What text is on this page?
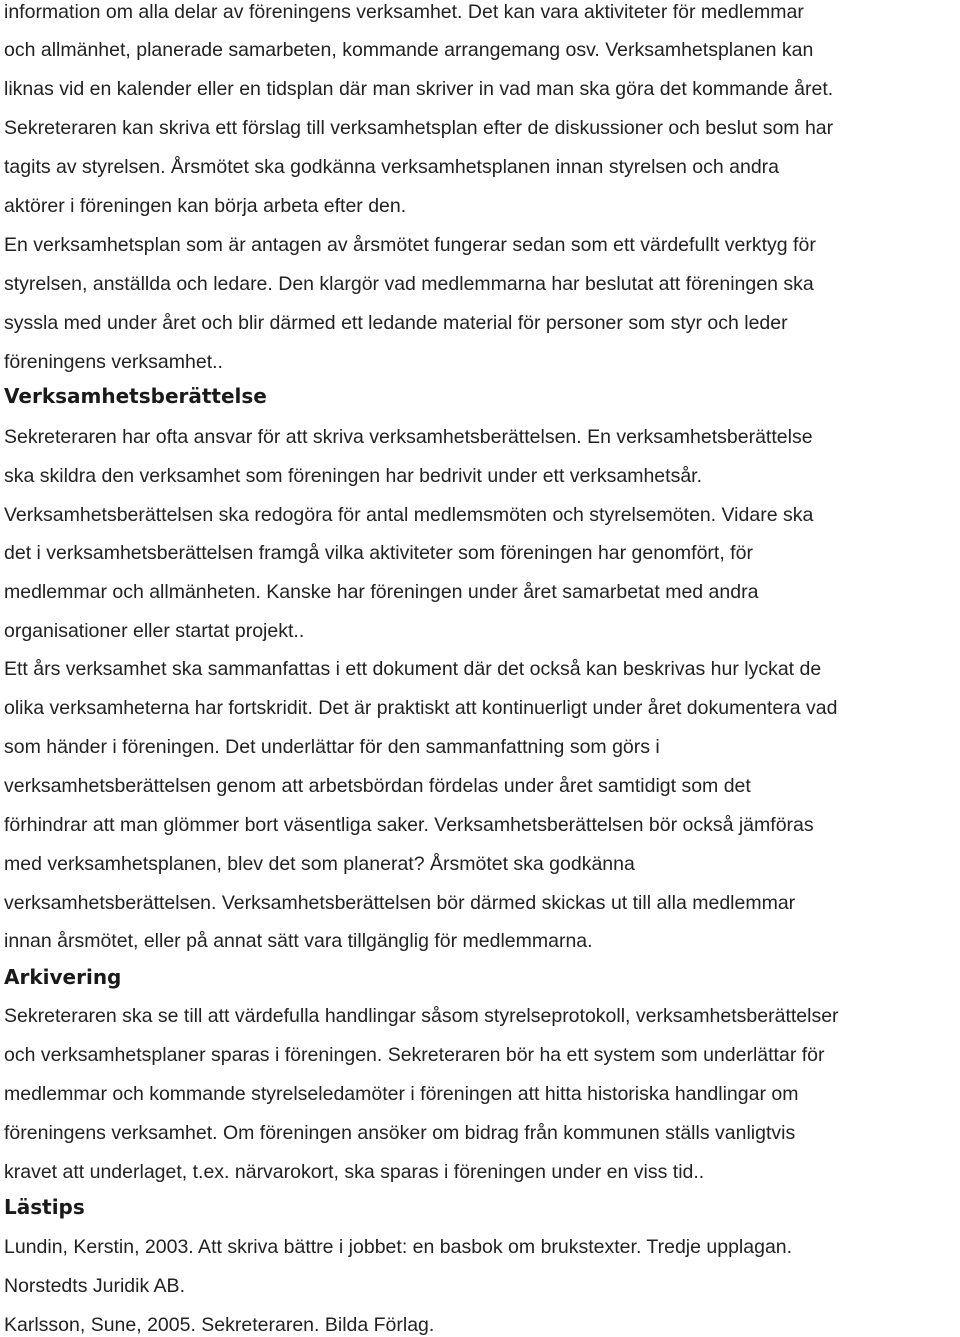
information om alla delar av föreningens verksamhet. Det kan vara aktiviteter för medlemmar
och allmänhet, planerade samarbeten, kommande arrangemang osv. Verksamhetsplanen kan
liknas vid en kalender eller en tidsplan där man skriver in vad man ska göra det kommande året.
Sekreteraren kan skriva ett förslag till verksamhetsplan efter de diskussioner och beslut som har
tagits av styrelsen. Årsmötet ska godkänna verksamhetsplanen innan styrelsen och andra
aktörer i föreningen kan börja arbeta efter den.
En verksamhetsplan som är antagen av årsmötet fungerar sedan som ett värdefullt verktyg för
styrelsen, anställda och ledare. Den klargör vad medlemmarna har beslutat att föreningen ska
syssla med under året och blir därmed ett ledande material för personer som styr och leder
föreningens verksamhet..
Verksamhetsberättelse
Sekreteraren har ofta ansvar för att skriva verksamhetsberättelsen. En verksamhetsberättelse
ska skildra den verksamhet som föreningen har bedrivit under ett verksamhetsår.
Verksamhetsberättelsen ska redogöra för antal medlemsmöten och styrelsemöten. Vidare ska
det i verksamhetsberättelsen framgå vilka aktiviteter som föreningen har genomfört, för
medlemmar och allmänheten. Kanske har föreningen under året samarbetat med andra
organisationer eller startat projekt..
Ett års verksamhet ska sammanfattas i ett dokument där det också kan beskrivas hur lyckat de
olika verksamheterna har fortskridit. Det är praktiskt att kontinuerligt under året dokumentera vad
som händer i föreningen. Det underlättar för den sammanfattning som görs i
verksamhetsberättelsen genom att arbetsbördan fördelas under året samtidigt som det
förhindrar att man glömmer bort väsentliga saker. Verksamhetsberättelsen bör också jämföras
med verksamhetsplanen, blev det som planerat? Årsmötet ska godkänna
verksamhetsberättelsen. Verksamhetsberättelsen bör därmed skickas ut till alla medlemmar
innan årsmötet, eller på annat sätt vara tillgänglig för medlemmarna.
Arkivering
Sekreteraren ska se till att värdefulla handlingar såsom styrelseprotokoll, verksamhetsberättelser
och verksamhetsplaner sparas i föreningen. Sekreteraren bör ha ett system som underlättar för
medlemmar och kommande styrelseledamöter i föreningen att hitta historiska handlingar om
föreningens verksamhet. Om föreningen ansöker om bidrag från kommunen ställs vanligtvis
kravet att underlaget, t.ex. närvarokort, ska sparas i föreningen under en viss tid..
Lästips
Lundin, Kerstin, 2003. Att skriva bättre i jobbet: en basbok om brukstexter. Tredje upplagan.
Norstedts Juridik AB.
Karlsson, Sune, 2005. Sekreteraren. Bilda Förlag.
